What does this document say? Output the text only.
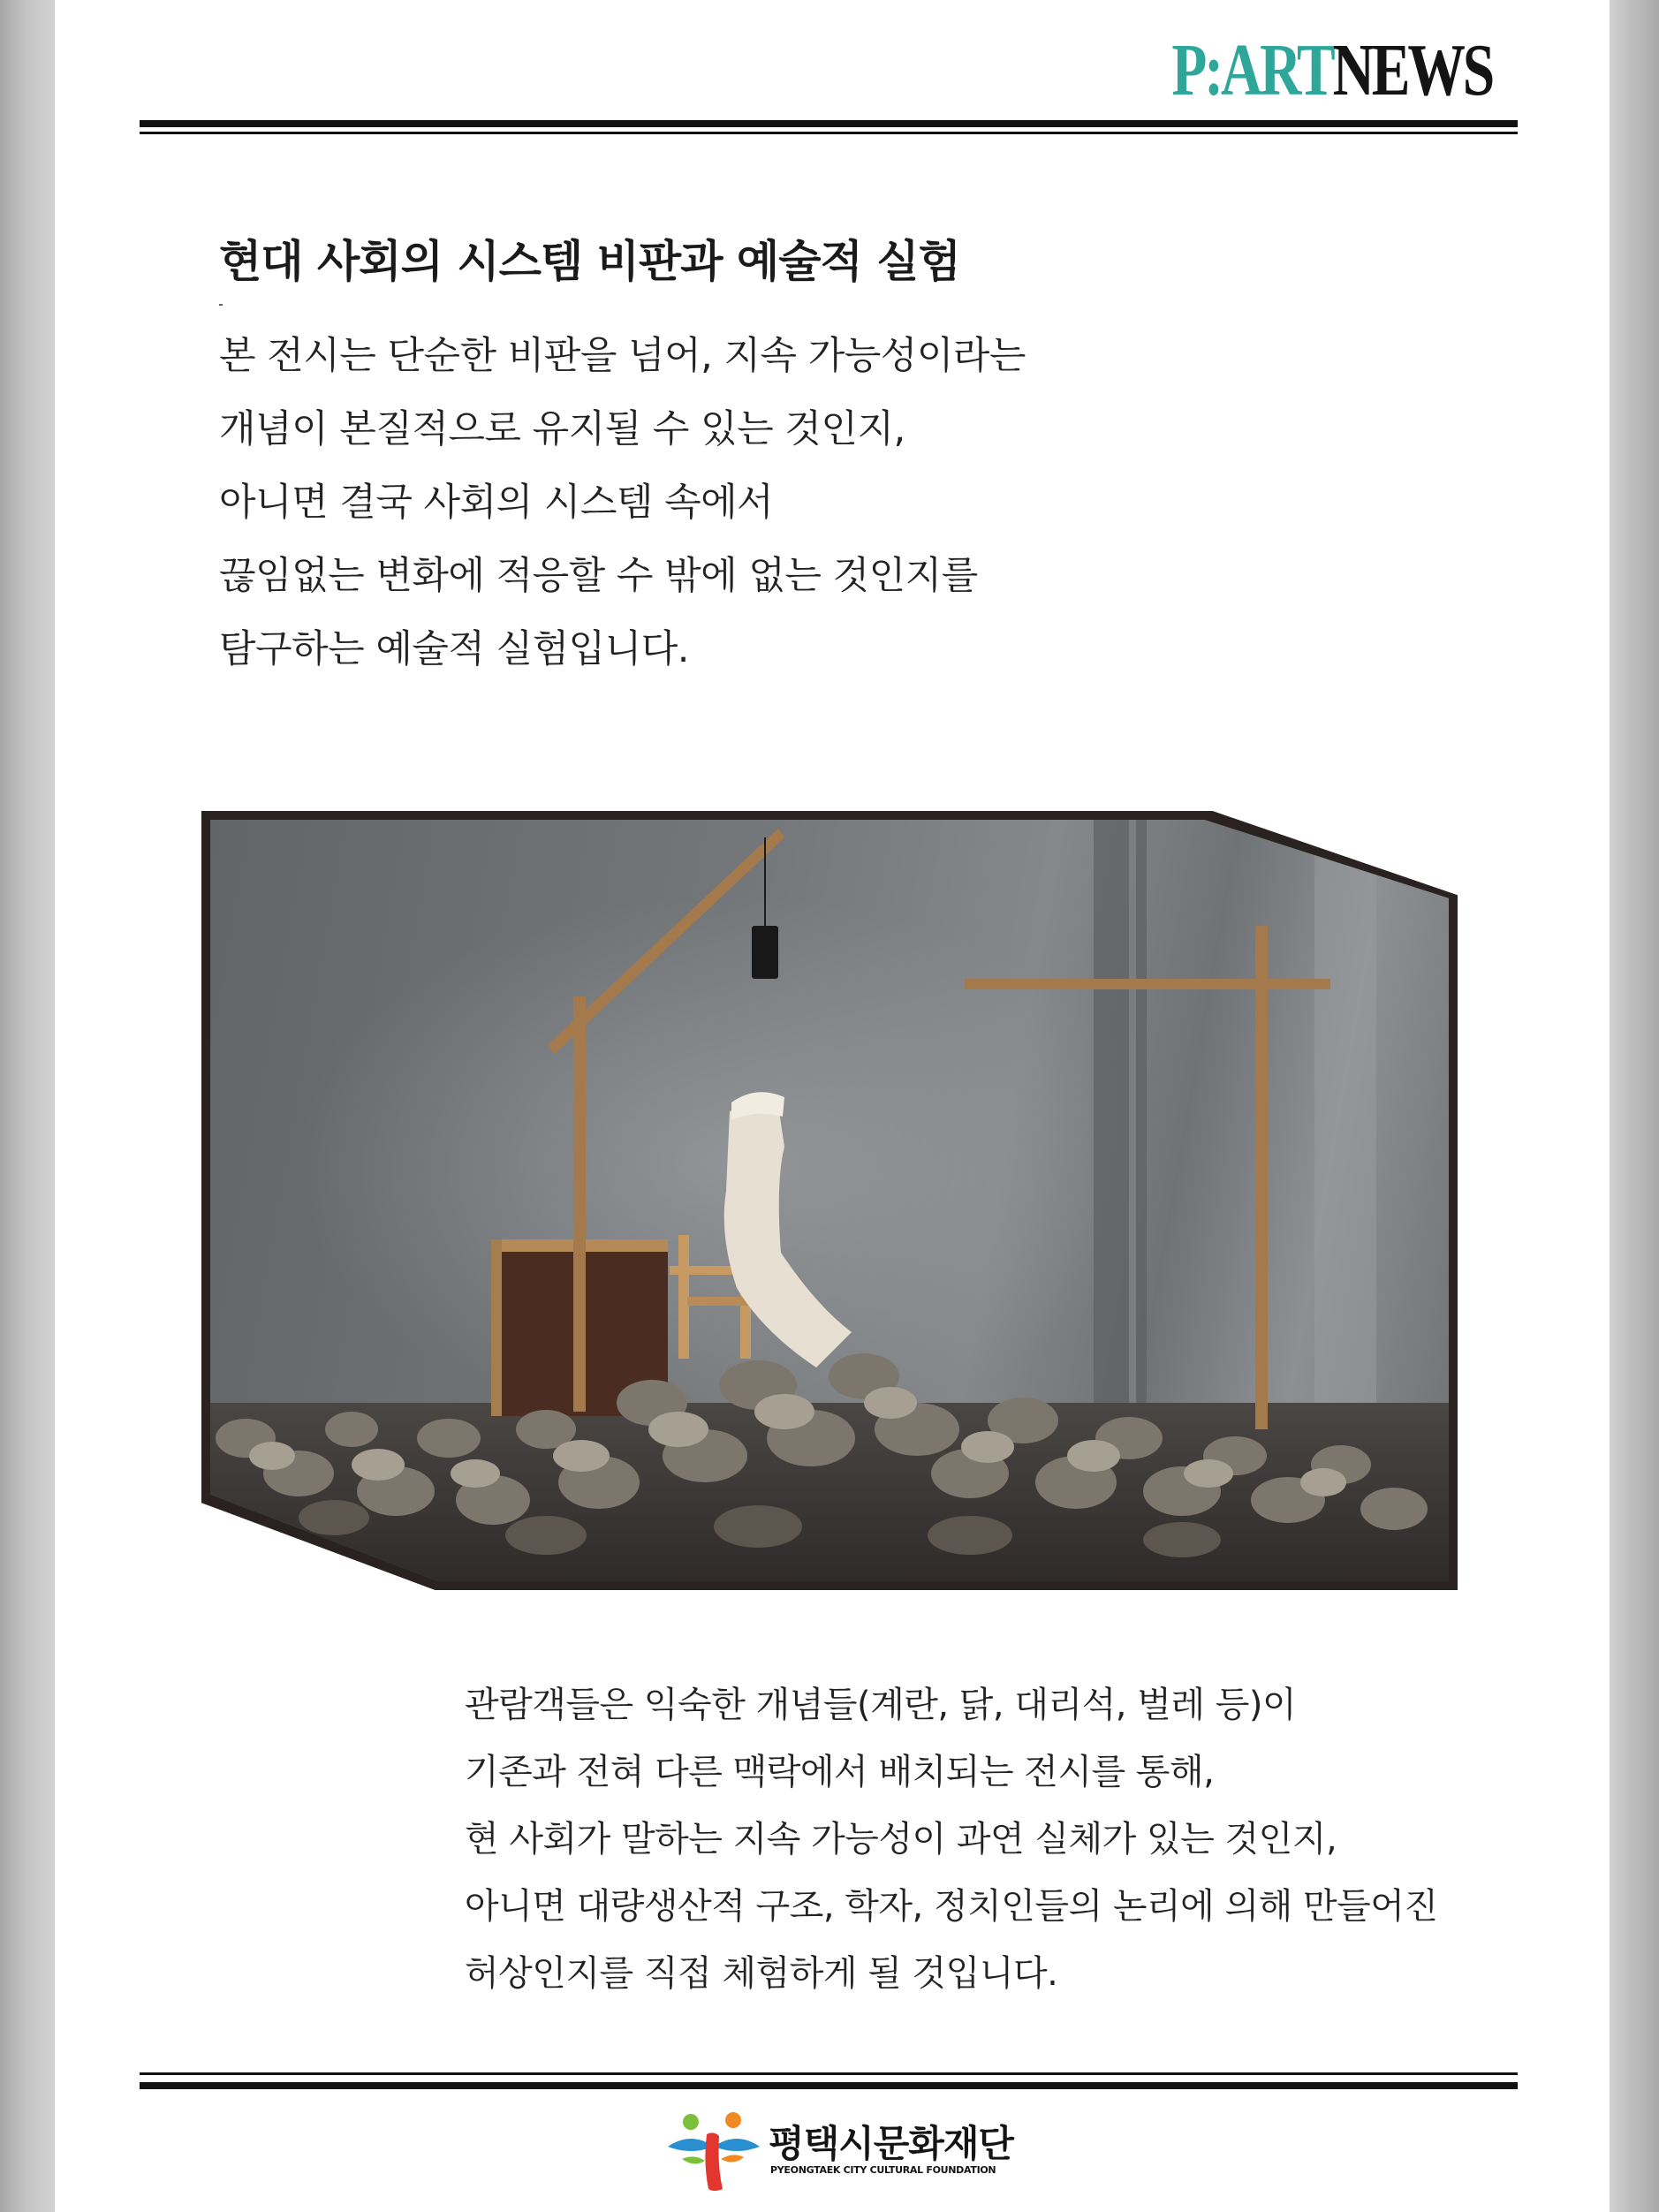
P:ARTNEWS
현대 사회의 시스템 비판과 예술적 실험
본 전시는 단순한 비판을 넘어, 지속 가능성이라는
개념이 본질적으로 유지될 수 있는 것인지,
아니면 결국 사회의 시스템 속에서
끊임없는 변화에 적응할 수 밖에 없는 것인지를
탐구하는 예술적 실험입니다.
관람객들은 익숙한 개념들(계란, 닭, 대리석, 벌레 등)이
기존과 전혀 다른 맥락에서 배치되는 전시를 통해,
현 사회가 말하는 지속 가능성이 과연 실체가 있는 것인지,
아니면 대량생산적 구조, 학자, 정치인들의 논리에 의해 만들어진
허상인지를 직접 체험하게 될 것입니다.
평택시문화재단
PYEONGTAEK CITY CULTURAL FOUNDATION
